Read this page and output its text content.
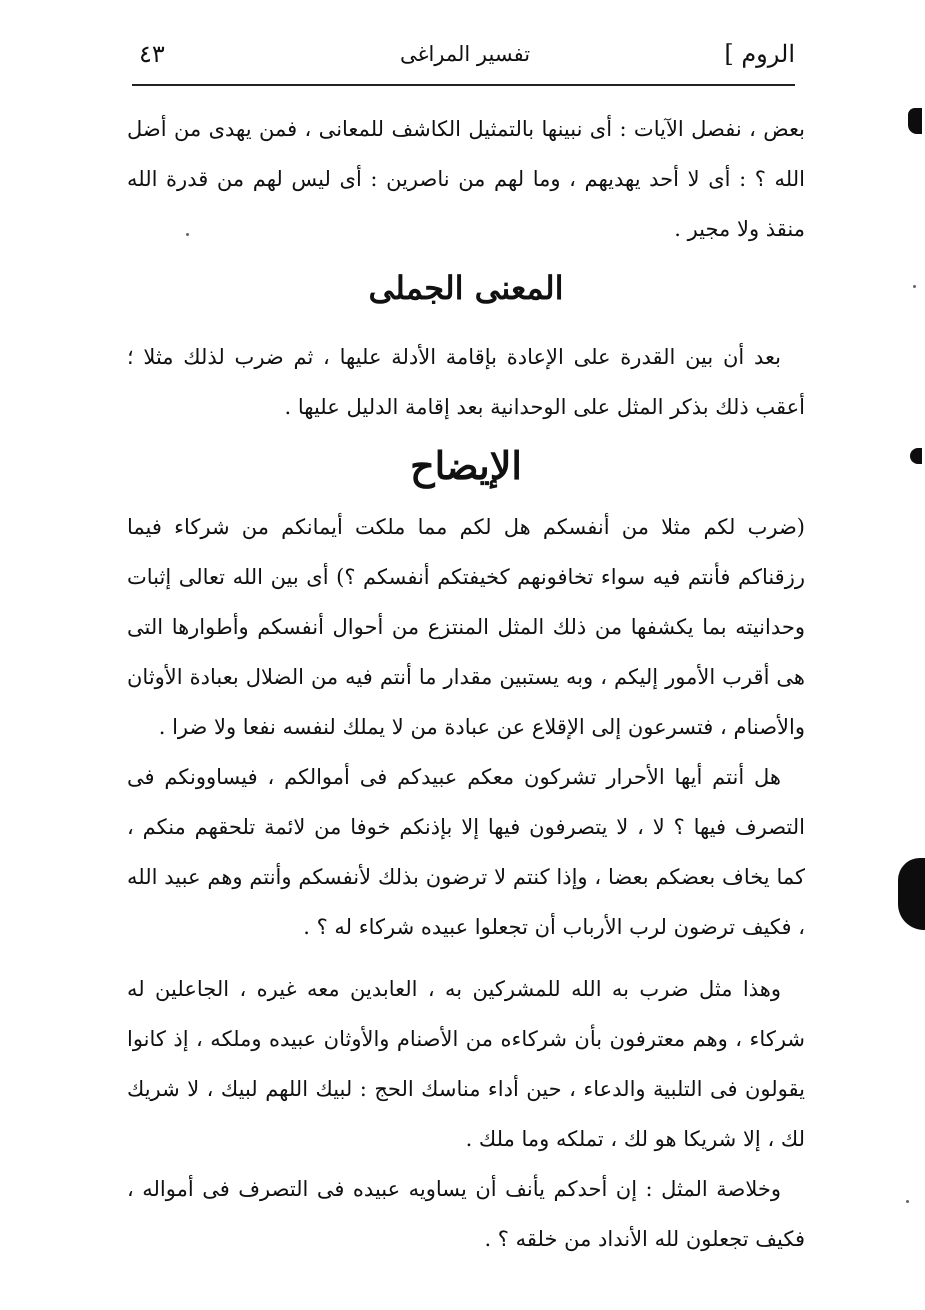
الروم ]
تفسير المراغى
٤٣

بعض ، نفصل الآيات : أى نبينها بالتمثيل الكاشف للمعانى ، فمن يهدى من أضل الله ؟ : أى لا أحد يهديهم ، وما لهم من ناصرين : أى ليس لهم من قدرة الله منقذ ولا مجير .

المعنى الجملى

بعد أن بين القدرة على الإعادة بإقامة الأدلة عليها ، ثم ضرب لذلك مثلا ؛ أعقب ذلك بذكر المثل على الوحدانية بعد إقامة الدليل عليها .

الإيضاح

(ضرب لكم مثلا من أنفسكم هل لكم مما ملكت أيمانكم من شركاء فيما رزقناكم فأنتم فيه سواء تخافونهم كخيفتكم أنفسكم ؟) أى بين الله تعالى إثبات وحدانيته بما يكشفها من ذلك المثل المنتزع من أحوال أنفسكم وأطوارها التى هى أقرب الأمور إليكم ، وبه يستبين مقدار ما أنتم فيه من الضلال بعبادة الأوثان والأصنام ، فتسرعون إلى الإقلاع عن عبادة من لا يملك لنفسه نفعا ولا ضرا .

هل أنتم أيها الأحرار تشركون معكم عبيدكم فى أموالكم ، فيساوونكم فى التصرف فيها ؟ لا ، لا يتصرفون فيها إلا بإذنكم خوفا من لائمة تلحقهم منكم ، كما يخاف بعضكم بعضا ، وإذا كنتم لا ترضون بذلك لأنفسكم وأنتم وهم عبيد الله ، فكيف ترضون لرب الأرباب أن تجعلوا عبيده شركاء له ؟ .

وهذا مثل ضرب به الله للمشركين به ، العابدين معه غيره ، الجاعلين له شركاء ، وهم معترفون بأن شركاءه من الأصنام والأوثان عبيده وملكه ، إذ كانوا يقولون فى التلبية والدعاء ، حين أداء مناسك الحج : لبيك اللهم لبيك ، لا شريك لك ، إلا شريكا هو لك ، تملكه وما ملك .

وخلاصة المثل : إن أحدكم يأنف أن يساويه عبيده فى التصرف فى أمواله ، فكيف تجعلون لله الأنداد من خلقه ؟ .
